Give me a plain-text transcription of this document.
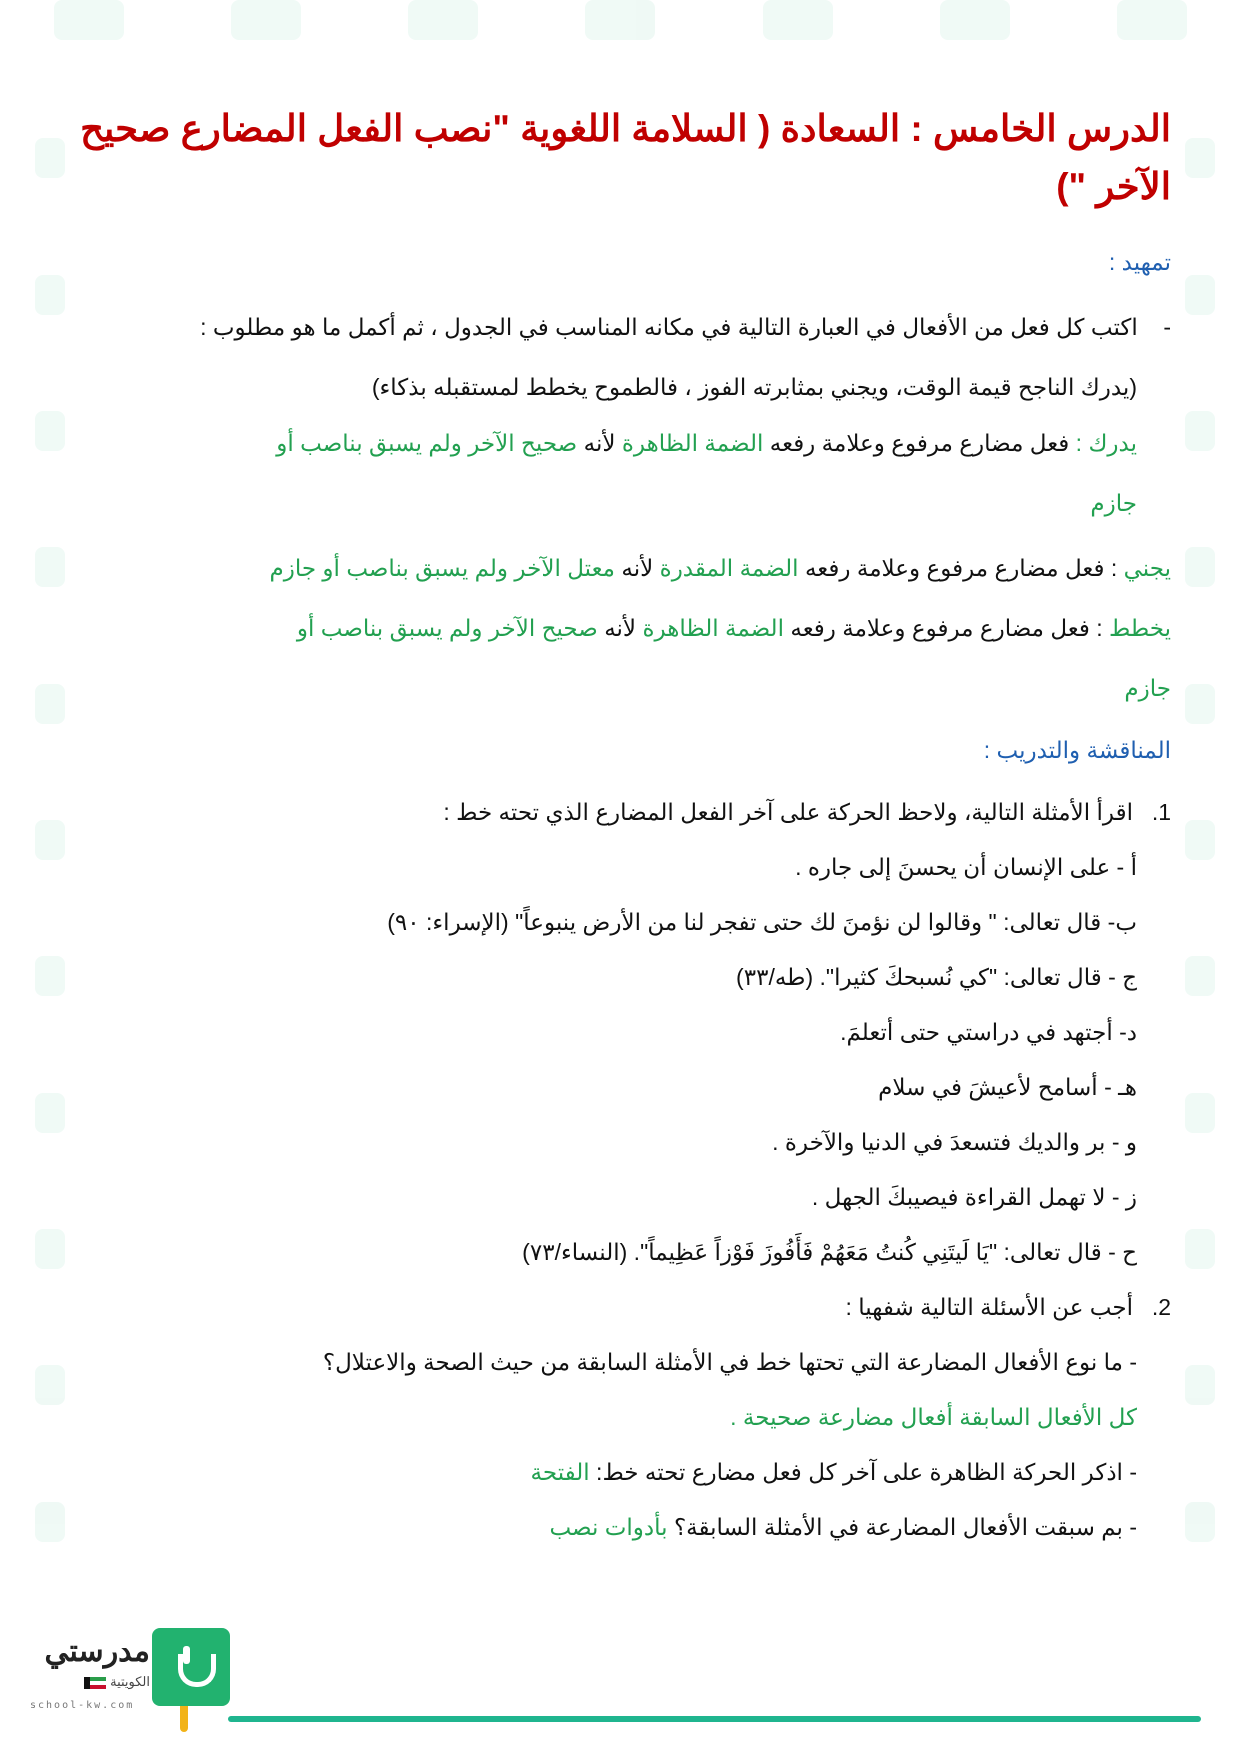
الدرس الخامس : السعادة ( السلامة اللغوية "نصب الفعل المضارع صحيح الآخر ")
تمهيد :
-    اكتب كل فعل من الأفعال في العبارة التالية في مكانه المناسب في الجدول ، ثم أكمل ما هو مطلوب :
(يدرك الناجح قيمة الوقت، ويجني بمثابرته الفوز ، فالطموح يخطط لمستقبله بذكاء)
يدرك : فعل مضارع مرفوع وعلامة رفعه الضمة الظاهرة لأنه صحيح الآخر ولم يسبق بناصب أو
جازم
يجني : فعل مضارع مرفوع وعلامة رفعه الضمة المقدرة لأنه معتل الآخر ولم يسبق بناصب أو جازم
يخطط : فعل مضارع مرفوع وعلامة رفعه الضمة الظاهرة لأنه صحيح الآخر ولم يسبق بناصب أو
جازم
المناقشة والتدريب :
1.اقرأ الأمثلة التالية، ولاحظ الحركة على آخر الفعل المضارع الذي تحته خط :
أ - على الإنسان أن يحسنَ إلى جاره .
ب- قال تعالى: " وقالوا لن نؤمنَ لك حتى تفجر لنا من الأرض ينبوعاً" (الإسراء: ٩٠)
ج - قال تعالى: "كي نُسبحكَ كثيرا". (طه/٣٣)
د- أجتهد في دراستي حتى أتعلمَ.
هـ - أسامح لأعيشَ في سلام
و - بر والديك فتسعدَ في الدنيا والآخرة .
ز - لا تهمل القراءة فيصيبكَ الجهل .
ح - قال تعالى: "يَا لَيتَنِي كُنتُ مَعَهُمْ فَأَفُوزَ فَوْزاً عَظِيماً". (النساء/٧٣)
2.أجب عن الأسئلة التالية شفهيا :
- ما نوع الأفعال المضارعة التي تحتها خط في الأمثلة السابقة من حيث الصحة والاعتلال؟
كل الأفعال السابقة أفعال مضارعة صحيحة .
- اذكر الحركة الظاهرة على آخر كل فعل مضارع تحته خط: الفتحة
- بم سبقت الأفعال المضارعة في الأمثلة السابقة؟ بأدوات نصب
مدرستي
الكويتية
school-kw.com
